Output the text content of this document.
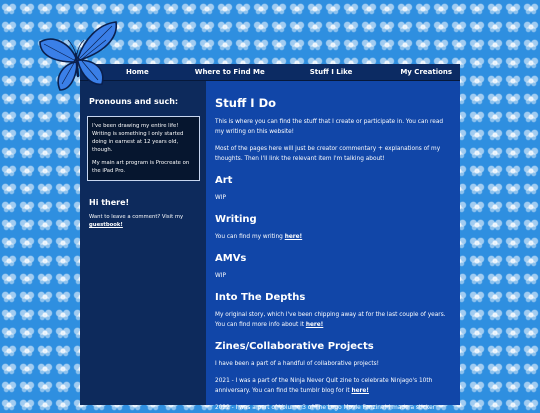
Home	Where to Find Me	Stuff I Like	My Creations
Pronouns and such:

I've been drawing my entire life! Writing is something I only started doing in earnest at 12 years old, though.

My main art program is Procreate on the iPad Pro.

Hi there!
Want to leave a comment? Visit my guestbook!
Stuff I Do

This is where you can find the stuff that I create or participate in. You can read my writing on this website!

Most of the pages here will just be creator commentary + explanations of my thoughts. Then I'll link the relevant item I'm talking about!

Art

WIP

Writing

You can find my writing here!

AMVs

WIP

Into The Depths

My original story, which I've been chipping away at for the last couple of years. You can find more info about it here!

Zines/Collaborative Projects

I have been a part of a handful of collaborative projects!

2021 - I was a part of the Ninja Never Quit zine to celebrate Ninjago's 10th anniversary. You can find the tumblr blog for it here!

2022 - I was a part of Volume 3 of The Lego Movie Fanzine! I made a sticker
